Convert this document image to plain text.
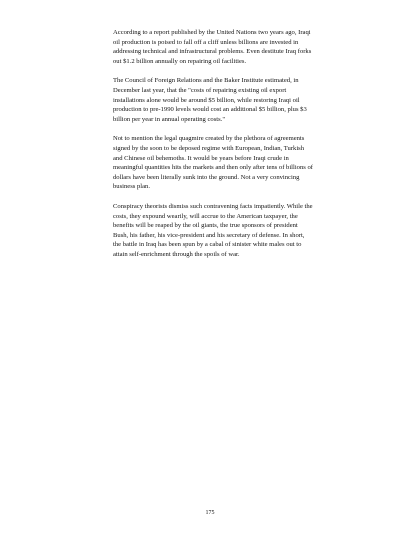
According to a report published by the United Nations two years ago, Iraqi oil production is poised to fall off a cliff unless billions are invested in addressing technical and infrastructural problems. Even destitute Iraq forks out $1.2 billion annually on repairing oil facilities.

The Council of Foreign Relations and the Baker Institute estimated, in December last year, that the "costs of repairing existing oil export installations alone would be around $5 billion, while restoring Iraqi oil production to pre-1990 levels would cost an additional $5 billion, plus $3 billion per year in annual operating costs."

Not to mention the legal quagmire created by the plethora of agreements signed by the soon to be deposed regime with European, Indian, Turkish and Chinese oil behemoths. It would be years before Iraqi crude in meaningful quantities hits the markets and then only after tens of billions of dollars have been literally sunk into the ground. Not a very convincing business plan.

Conspiracy theorists dismiss such contravening facts impatiently. While the costs, they expound wearily, will accrue to the American taxpayer, the benefits will be reaped by the oil giants, the true sponsors of president Bush, his father, his vice-president and his secretary of defense. In short, the battle in Iraq has been spun by a cabal of sinister white males out to attain self-enrichment through the spoils of war.

175
